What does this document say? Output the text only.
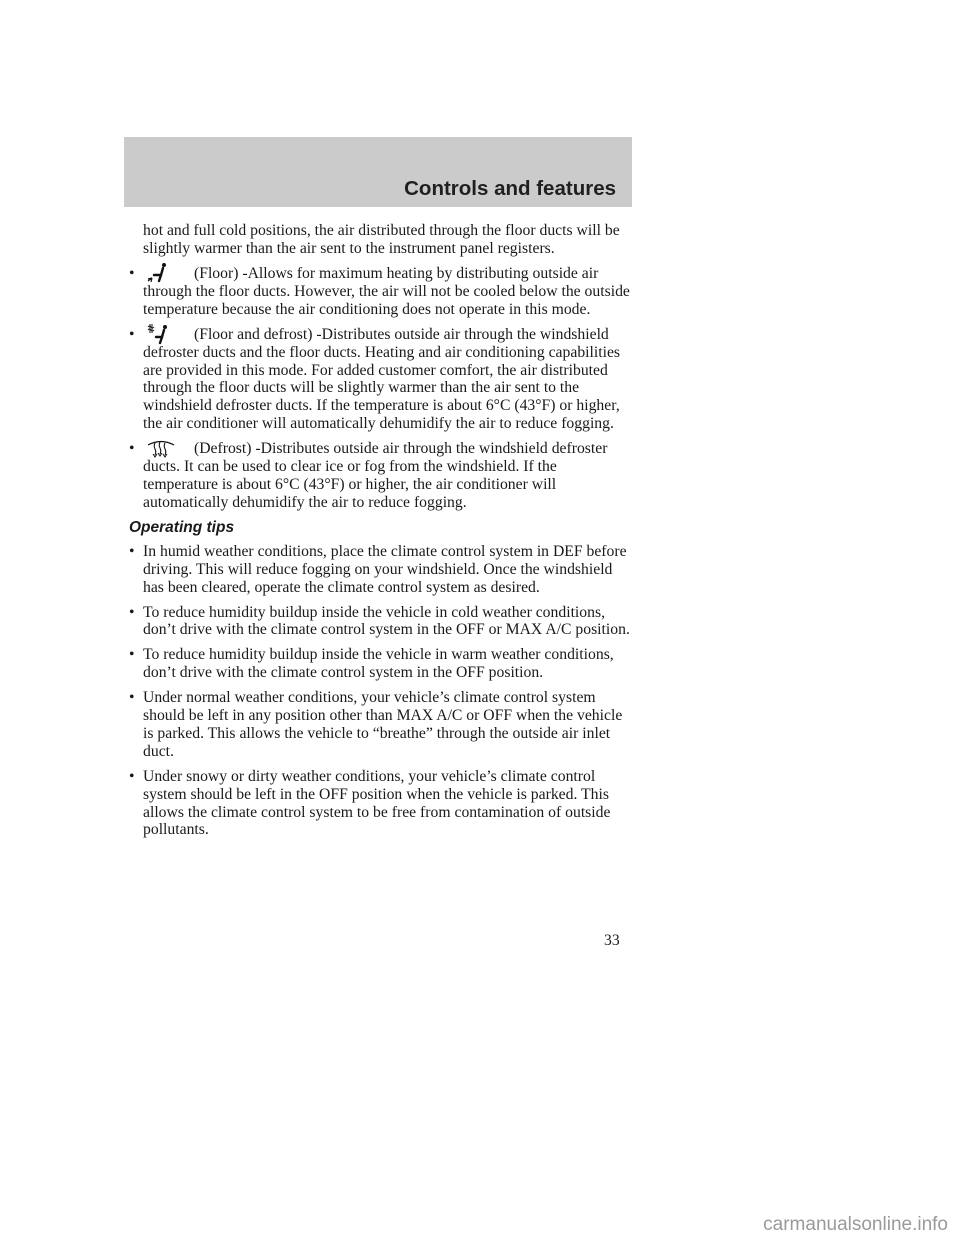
Controls and features

hot and full cold positions, the air distributed through the floor ducts will be slightly warmer than the air sent to the instrument panel registers.

•	(Floor) -Allows for maximum heating by distributing outside air through the floor ducts. However, the air will not be cooled below the outside temperature because the air conditioning does not operate in this mode.
•	(Floor and defrost) -Distributes outside air through the windshield defroster ducts and the floor ducts. Heating and air conditioning capabilities are provided in this mode. For added customer comfort, the air distributed through the floor ducts will be slightly warmer than the air sent to the windshield defroster ducts. If the temperature is about 6°C (43°F) or higher, the air conditioner will automatically dehumidify the air to reduce fogging.
•	(Defrost) -Distributes outside air through the windshield defroster ducts. It can be used to clear ice or fog from the windshield. If the temperature is about 6°C (43°F) or higher, the air conditioner will automatically dehumidify the air to reduce fogging.
Operating tips
• In humid weather conditions, place the climate control system in DEF before driving. This will reduce fogging on your windshield. Once the windshield has been cleared, operate the climate control system as desired.
• To reduce humidity buildup inside the vehicle in cold weather conditions, don’t drive with the climate control system in the OFF or MAX A/C position.
• To reduce humidity buildup inside the vehicle in warm weather conditions, don’t drive with the climate control system in the OFF position.
• Under normal weather conditions, your vehicle’s climate control system should be left in any position other than MAX A/C or OFF when the vehicle is parked. This allows the vehicle to “breathe” through the outside air inlet duct.
• Under snowy or dirty weather conditions, your vehicle’s climate control system should be left in the OFF position when the vehicle is parked. This allows the climate control system to be free from contamination of outside pollutants.
33
carmanualsonline.info
